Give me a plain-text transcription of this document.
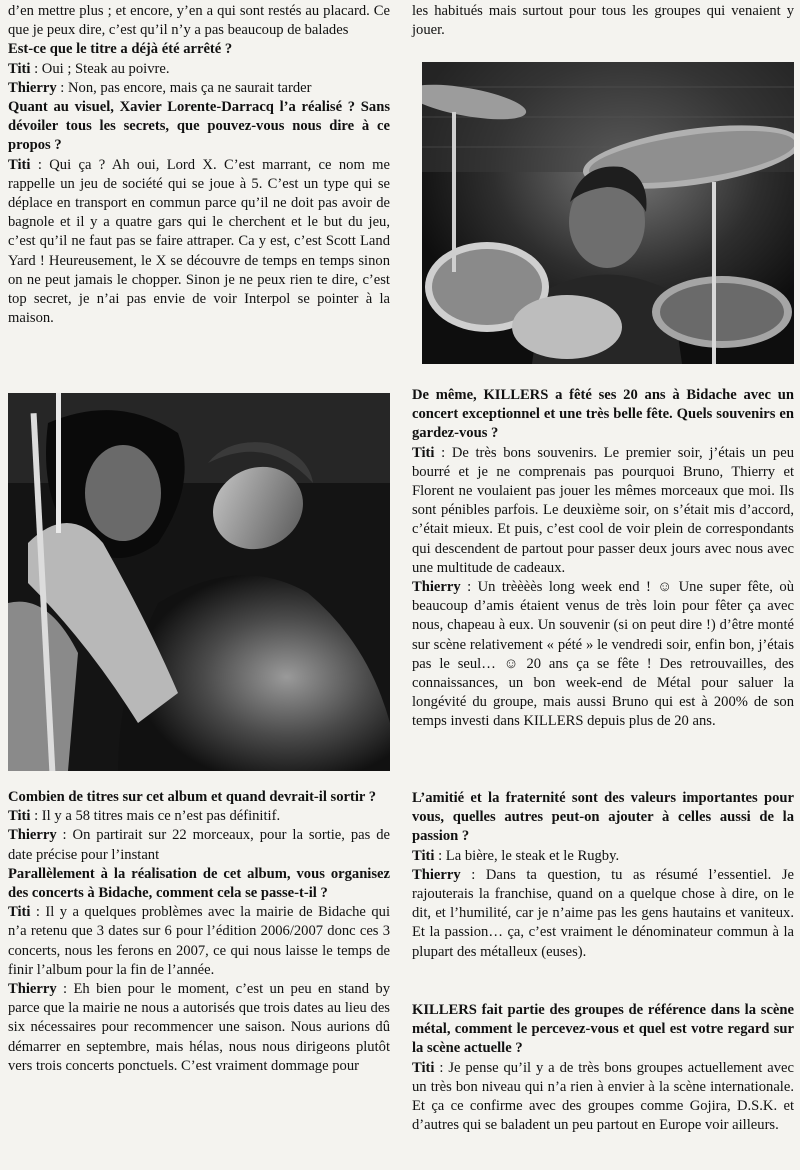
d’en mettre plus ; et encore, y’en a qui sont restés au placard. Ce que je peux dire, c’est qu’il n’y a pas beaucoup de balades

Est-ce que le titre a déjà été arrêté ?

Titi : Oui ; Steak au poivre.

Thierry : Non, pas encore, mais ça ne saurait tarder

Quant au visuel, Xavier Lorente-Darracq l’a réalisé ? Sans dévoiler tous les secrets, que pouvez-vous nous dire à ce propos ?

Titi : Qui ça ? Ah oui, Lord X. C’est marrant, ce nom me rappelle un jeu de société qui se joue à 5. C’est un type qui se déplace en transport en commun parce qu’il ne doit pas avoir de bagnole et il y a quatre gars qui le cherchent et le but du jeu, c’est qu’il ne faut pas se faire attraper. Ca y est, c’est Scott Land Yard ! Heureusement, le X se découvre de temps en temps sinon on ne peut jamais le chopper. Sinon je ne peux rien te dire, c’est top secret, je n’ai pas envie de voir Interpol se pointer à la maison.

Combien de titres sur cet album et quand devrait-il sortir ?

Titi : Il y a 58 titres mais ce n’est pas définitif.

Thierry : On partirait sur 22 morceaux, pour la sortie, pas de date précise pour l’instant

Parallèlement à la réalisation de cet album, vous organisez des concerts à Bidache, comment cela se passe-t-il ?

Titi : Il y a quelques problèmes avec la mairie de Bidache qui n’a retenu que 3 dates sur 6 pour l’édition 2006/2007 donc ces 3 concerts, nous les ferons en 2007, ce qui nous laisse le temps de finir l’album pour la fin de l’année.

Thierry : Eh bien pour le moment, c’est un peu en stand by parce que la mairie ne nous a autorisés que trois dates au lieu des six nécessaires pour recommencer une saison. Nous aurions dû démarrer en septembre, mais hélas, nous nous dirigeons plutôt vers trois concerts ponctuels. C’est vraiment dommage pour

les habitués mais surtout pour tous les groupes qui venaient y jouer.

De même, KILLERS a fêté ses 20 ans à Bidache avec un concert exceptionnel et une très belle fête. Quels souvenirs en gardez-vous ?

Titi : De très bons souvenirs. Le premier soir, j’étais un peu bourré et je ne comprenais pas pourquoi Bruno, Thierry et Florent ne voulaient pas jouer les mêmes morceaux que moi. Ils sont pénibles parfois. Le deuxième soir, on s’était mis d’accord, c’était mieux. Et puis, c’est cool de voir plein de correspondants qui descendent de partout pour passer deux jours avec nous avec une multitude de cadeaux.

Thierry : Un trèèèès long week end ! ☺ Une super fête, où beaucoup d’amis étaient venus de très loin pour fêter ça avec nous, chapeau à eux. Un souvenir (si on peut dire !) d’être monté sur scène relativement « pété » le vendredi soir, enfin bon, j’étais pas le seul… ☺ 20 ans ça se fête ! Des retrouvailles, des connaissances, un bon week-end de Métal pour saluer la longévité du groupe, mais aussi Bruno qui est à 200% de son temps investi dans KILLERS depuis plus de 20 ans.

L’amitié et la fraternité sont des valeurs importantes pour vous, quelles autres peut-on ajouter à celles aussi de la passion ?

Titi : La bière, le steak et le Rugby.

Thierry : Dans ta question, tu as résumé l’essentiel. Je rajouterais la franchise, quand on a quelque chose à dire, on le dit, et l’humilité, car je n’aime pas les gens hautains et vaniteux. Et la passion… ça, c’est vraiment le dénominateur commun à la plupart des métalleux (euses).

KILLERS fait partie des groupes de référence dans la scène métal, comment le percevez-vous et quel est votre regard sur la scène actuelle ?

Titi : Je pense qu’il y a de très bons groupes actuellement avec un très bon niveau qui n’a rien à envier à la scène internationale. Et ça ce confirme avec des groupes comme Gojira, D.S.K. et d’autres qui se baladent un peu partout en Europe voir ailleurs.
